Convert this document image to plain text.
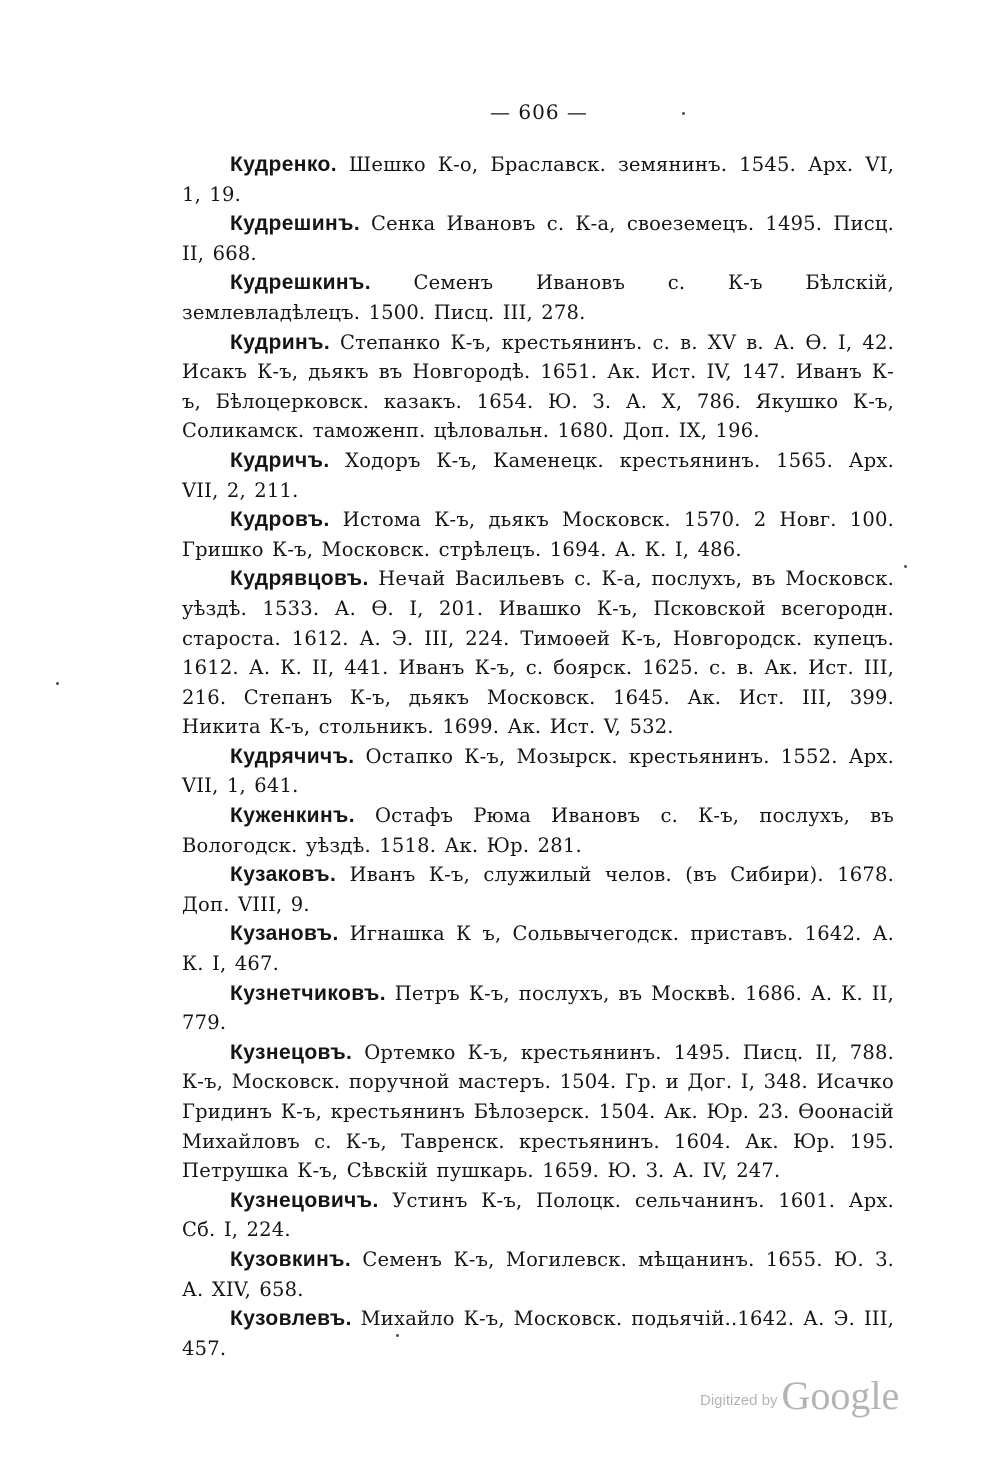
— 606 —

Кудренко. Шешко К-о, Браславск. земянинъ. 1545. Арх. VI, 1, 19.

Кудрешинъ. Сенка Ивановъ с. К-а, своеземецъ. 1495. Писц. II, 668.

Кудрешкинъ. Семенъ Ивановъ с. К-ъ Бѣлскій, землевладѣлецъ. 1500. Писц. III, 278.

Кудринъ. Степанко К-ъ, крестьянинъ. с. в. XV в. А. Ѳ. I, 42. Исакъ К-ъ, дьякъ въ Новгородѣ. 1651. Ак. Ист. IV, 147. Иванъ К-ъ, Бѣлоцерковск. казакъ. 1654. Ю. З. А. X, 786. Якушко К-ъ, Соликамск. таможенп. цѣловальн. 1680. Доп. IX, 196.

Кудричъ. Ходоръ К-ъ, Каменецк. крестьянинъ. 1565. Арх. VII, 2, 211.

Кудровъ. Истома К-ъ, дьякъ Московск. 1570. 2 Новг. 100. Гришко К-ъ, Московск. стрѣлецъ. 1694. А. К. I, 486.

Кудрявцовъ. Нечай Васильевъ с. К-а, послухъ, въ Московск. уѣздѣ. 1533. А. Ѳ. I, 201. Ивашко К-ъ, Псковской всегородн. староста. 1612. А. Э. III, 224. Тимоѳей К-ъ, Новгородск. купецъ. 1612. А. К. II, 441. Иванъ К-ъ, с. боярск. 1625. с. в. Ак. Ист. III, 216. Степанъ К-ъ, дьякъ Московск. 1645. Ак. Ист. III, 399. Никита К-ъ, стольникъ. 1699. Ак. Ист. V, 532.

Кудрячичъ. Остапко К-ъ, Мозырск. крестьянинъ. 1552. Арх. VII, 1, 641.

Куженкинъ. Остафъ Рюма Ивановъ с. К-ъ, послухъ, въ Вологодск. уѣздѣ. 1518. Ак. Юр. 281.

Кузаковъ. Иванъ К-ъ, служилый челов. (въ Сибири). 1678. Доп. VIII, 9.

Кузановъ. Игнашка К ъ, Сольвычегодск. приставъ. 1642. А. К. I, 467.

Кузнетчиковъ. Петръ К-ъ, послухъ, въ Москвѣ. 1686. А. К. II, 779.

Кузнецовъ. Ортемко К-ъ, крестьянинъ. 1495. Писц. II, 788. К-ъ, Московск. поручной мастеръ. 1504. Гр. и Дог. I, 348. Исачко Гридинъ К-ъ, крестьянинъ Бѣлозерск. 1504. Ак. Юр. 23. Ѳоонасій Михайловъ с. К-ъ, Тавренск. крестьянинъ. 1604. Ак. Юр. 195. Петрушка К-ъ, Сѣвскій пушкарь. 1659. Ю. З. А. IV, 247.

Кузнецовичъ. Устинъ К-ъ, Полоцк. сельчанинъ. 1601. Арх. Сб. I, 224.

Кузовкинъ. Семенъ К-ъ, Могилевск. мѣщанинъ. 1655. Ю. З. А. XIV, 658.

Кузовлевъ. Михайло К-ъ, Московск. подьячій..1642. А. Э. III, 457.

Digitized by Google
